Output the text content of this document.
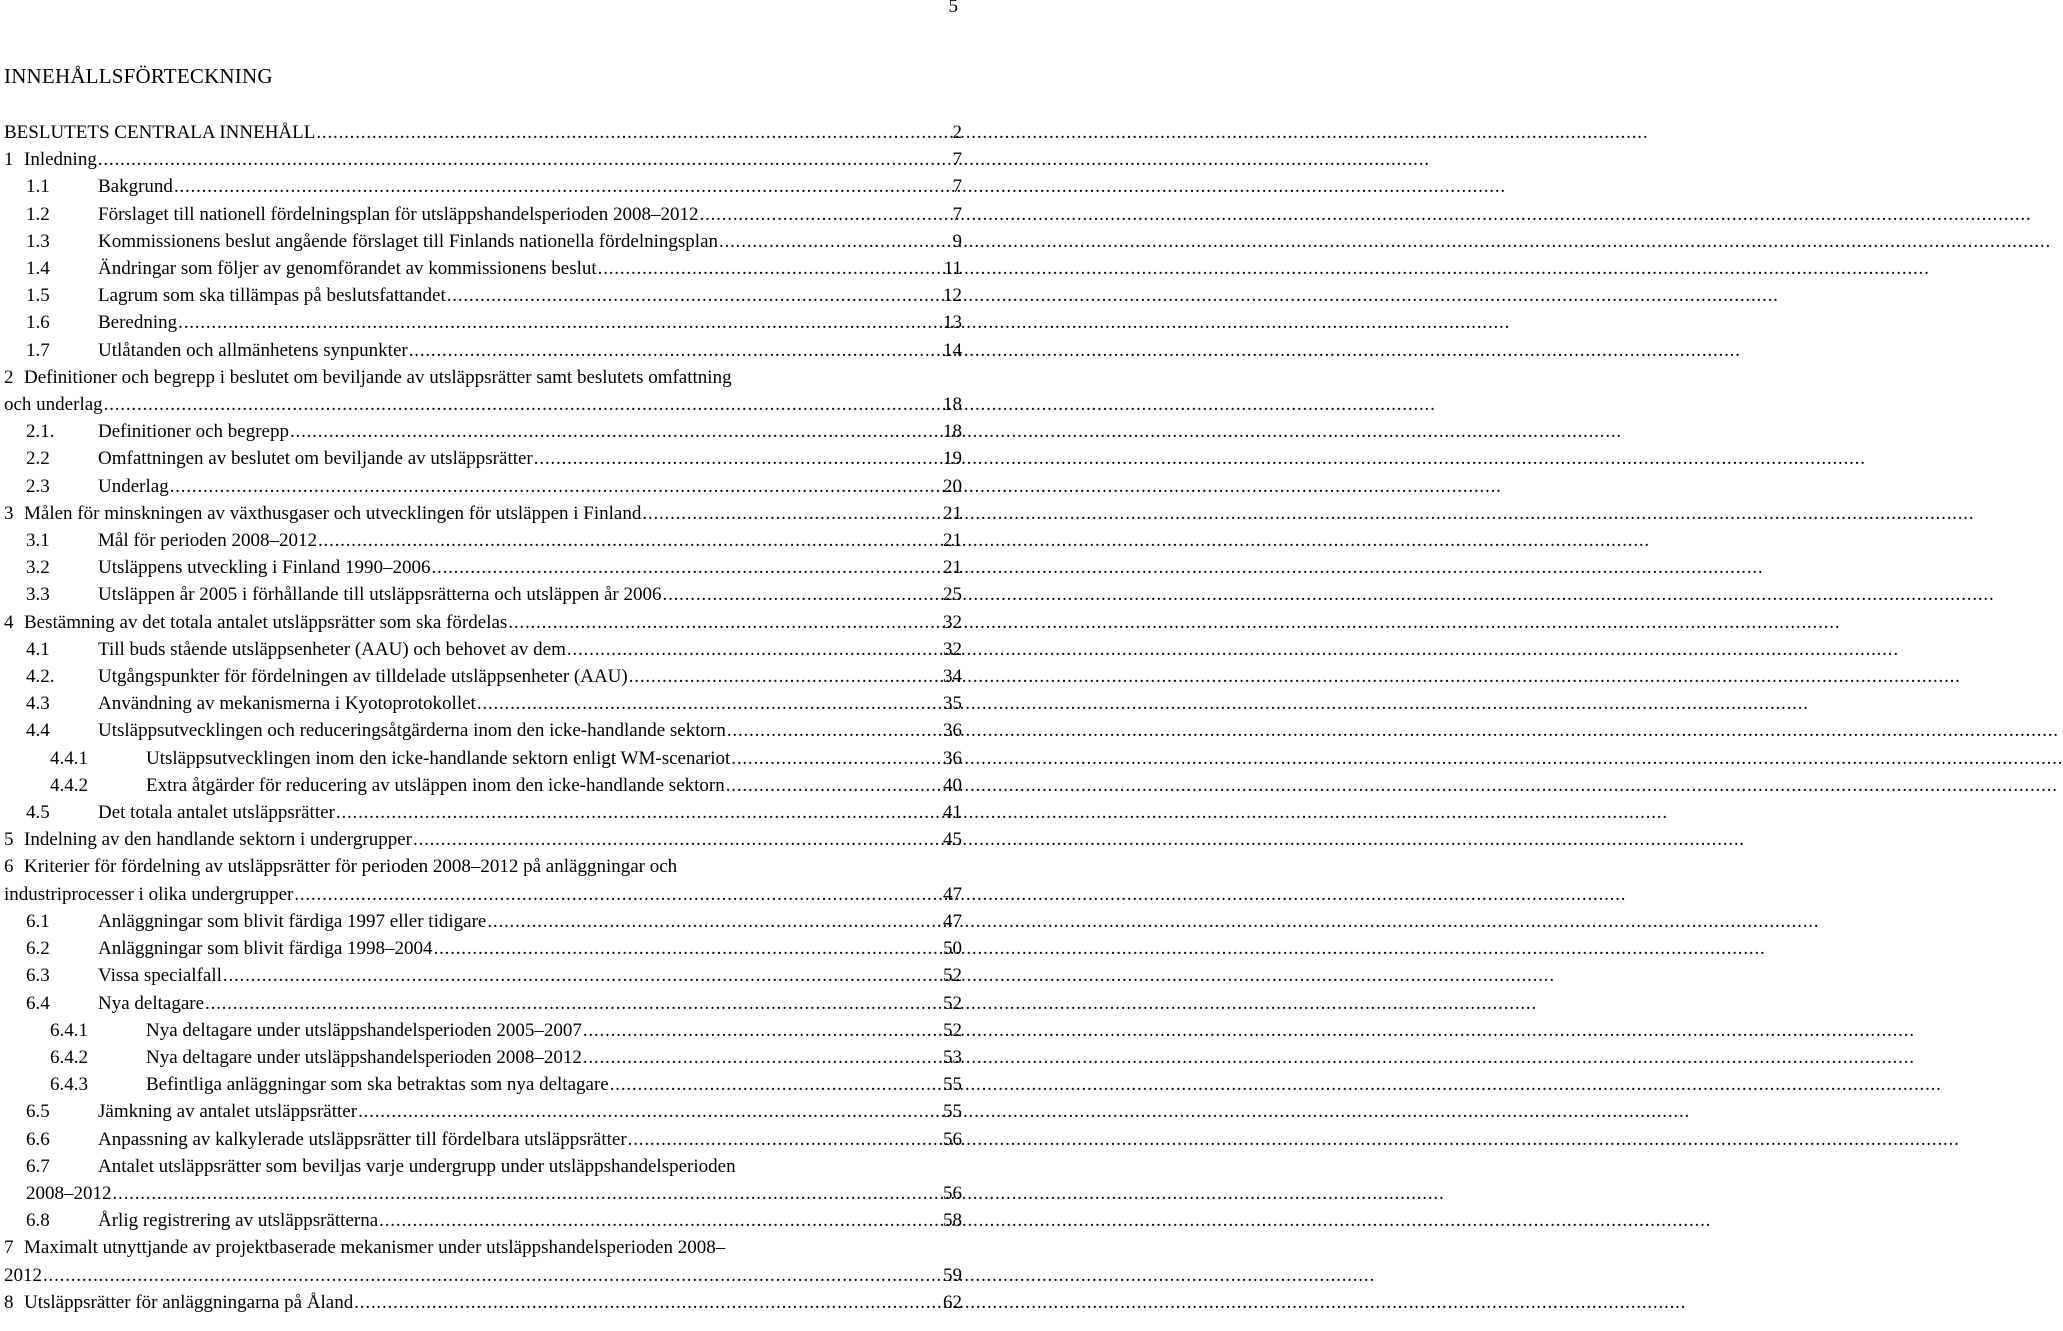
5
INNEHÅLLSFÖRTECKNING
BESLUTETS CENTRALA INNEHÅLL .....	2
1 Inledning .....	7
1.1	Bakgrund .....	7
1.2	Förslaget till nationell fördelningsplan för utsläppshandelsperioden 2008–2012 .....	7
1.3	Kommissionens beslut angående förslaget till Finlands nationella fördelningsplan .....	9
1.4	Ändringar som följer av genomförandet av kommissionens beslut .....	11
1.5	Lagrum som ska tillämpas på beslutsfattandet .....	12
1.6	Beredning .....	13
1.7	Utlåtanden och allmänhetens synpunkter .....	14
2 Definitioner och begrepp i beslutet om beviljande av utsläppsrätter samt beslutets omfattning
och underlag .....	18
2.1.	Definitioner och begrepp .....	18
2.2	Omfattningen av beslutet om beviljande av utsläppsrätter .....	19
2.3	Underlag .....	20
3 Målen för minskningen av växthusgaser och utvecklingen för utsläppen i Finland .....	21
3.1	Mål för perioden 2008–2012 .....	21
3.2	Utsläppens utveckling i Finland 1990–2006 .....	21
3.3	Utsläppen år 2005 i förhållande till utsläppsrätterna och utsläppen år 2006 .....	25
4 Bestämning av det totala antalet utsläppsrätter som ska fördelas .....	32
4.1	Till buds stående utsläppsenheter (AAU) och behovet av dem .....	32
4.2.	Utgångspunkter för fördelningen av tilldelade utsläppsenheter (AAU) .....	34
4.3	Användning av mekanismerna i Kyotoprotokollet .....	35
4.4	Utsläppsutvecklingen och reduceringsåtgärderna inom den icke-handlande sektorn .....	36
4.4.1	Utsläppsutvecklingen inom den icke-handlande sektorn enligt WM-scenariot .....	36
4.4.2	Extra åtgärder för reducering av utsläppen inom den icke-handlande sektorn .....	40
4.5	Det totala antalet utsläppsrätter .....	41
5 Indelning av den handlande sektorn i undergrupper .....	45
6 Kriterier för fördelning av utsläppsrätter för perioden 2008–2012 på anläggningar och
industriprocesser i olika undergrupper .....	47
6.1	Anläggningar som blivit färdiga 1997 eller tidigare .....	47
6.2	Anläggningar som blivit färdiga 1998–2004 .....	50
6.3	Vissa specialfall .....	52
6.4	Nya deltagare .....	52
6.4.1	Nya deltagare under utsläppshandelsperioden 2005–2007 .....	52
6.4.2	Nya deltagare under utsläppshandelsperioden 2008–2012 .....	53
6.4.3	Befintliga anläggningar som ska betraktas som nya deltagare .....	55
6.5	Jämkning av antalet utsläppsrätter .....	55
6.6	Anpassning av kalkylerade utsläppsrätter till fördelbara utsläppsrätter .....	56
6.7	Antalet utsläppsrätter som beviljas varje undergrupp under utsläppshandelsperioden
2008–2012 .....	56
6.8	Årlig registrering av utsläppsrätterna .....	58
7 Maximalt utnyttjande av projektbaserade mekanismer under utsläppshandelsperioden 2008–
2012 .....	59
8 Utsläppsrätter för anläggningarna på Åland .....	62
